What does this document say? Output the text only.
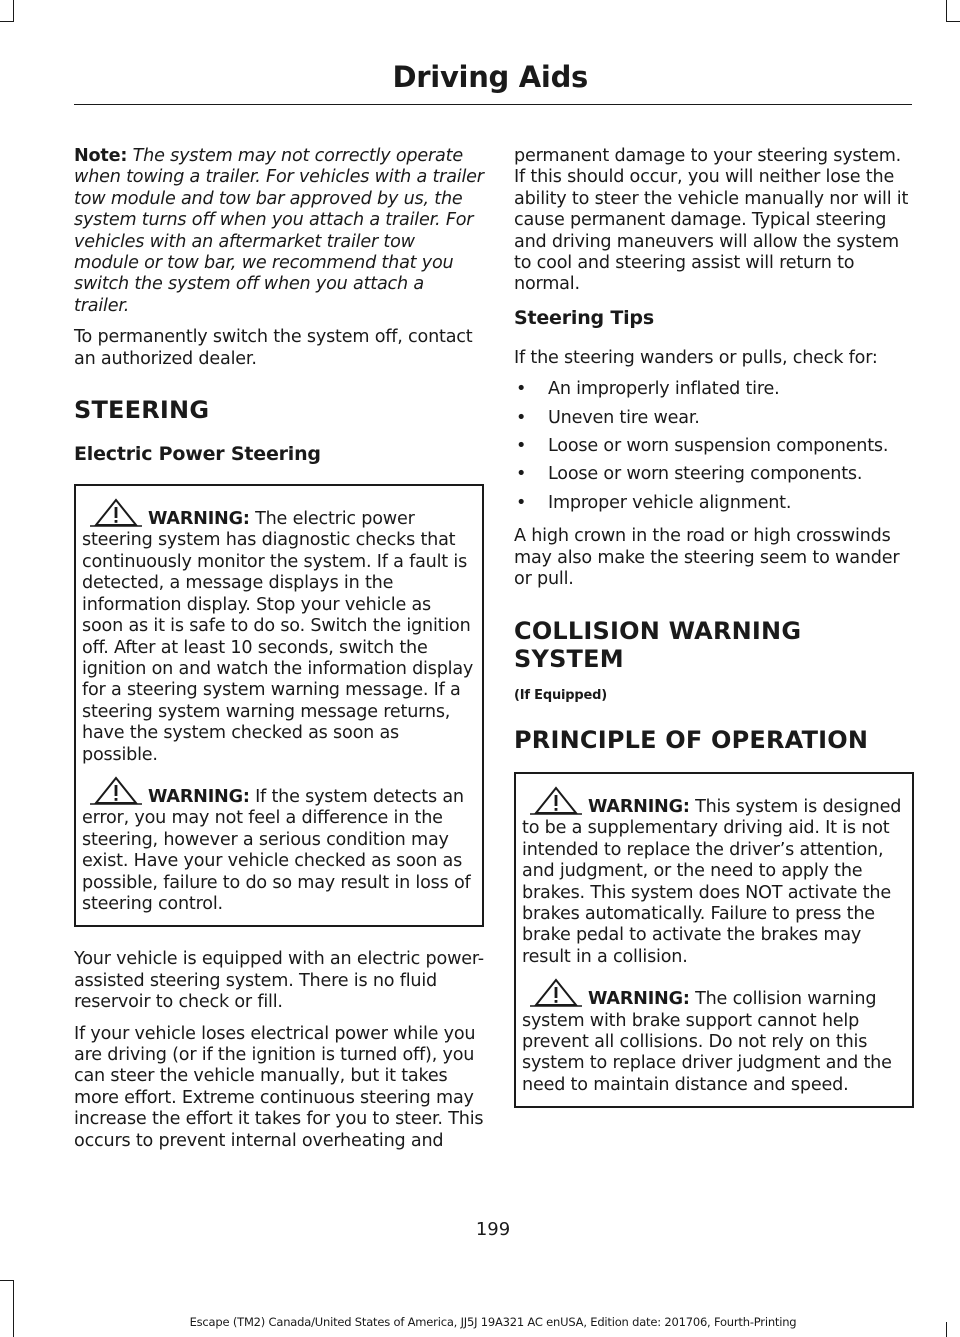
Driving Aids

Note: The system may not correctly operate when towing a trailer. For vehicles with a trailer tow module and tow bar approved by us, the system turns off when you attach a trailer. For vehicles with an aftermarket trailer tow module or tow bar, we recommend that you switch the system off when you attach a trailer.

To permanently switch the system off, contact an authorized dealer.

STEERING
Electric Power Steering

WARNING: The electric power steering system has diagnostic checks that continuously monitor the system. If a fault is detected, a message displays in the information display. Stop your vehicle as soon as it is safe to do so. Switch the ignition off. After at least 10 seconds, switch the ignition on and watch the information display for a steering system warning message. If a steering system warning message returns, have the system checked as soon as possible.

WARNING: If the system detects an error, you may not feel a difference in the steering, however a serious condition may exist. Have your vehicle checked as soon as possible, failure to do so may result in loss of steering control.

Your vehicle is equipped with an electric power-assisted steering system. There is no fluid reservoir to check or fill.

If your vehicle loses electrical power while you are driving (or if the ignition is turned off), you can steer the vehicle manually, but it takes more effort. Extreme continuous steering may increase the effort it takes for you to steer. This occurs to prevent internal overheating and

permanent damage to your steering system. If this should occur, you will neither lose the ability to steer the vehicle manually nor will it cause permanent damage. Typical steering and driving maneuvers will allow the system to cool and steering assist will return to normal.

Steering Tips

If the steering wanders or pulls, check for:

• An improperly inflated tire.
• Uneven tire wear.
• Loose or worn suspension components.
• Loose or worn steering components.
• Improper vehicle alignment.

A high crown in the road or high crosswinds may also make the steering seem to wander or pull.

COLLISION WARNING SYSTEM
(If Equipped)
PRINCIPLE OF OPERATION

WARNING: This system is designed to be a supplementary driving aid. It is not intended to replace the driver’s attention, and judgment, or the need to apply the brakes. This system does NOT activate the brakes automatically. Failure to press the brake pedal to activate the brakes may result in a collision.

WARNING: The collision warning system with brake support cannot help prevent all collisions. Do not rely on this system to replace driver judgment and the need to maintain distance and speed.

199
Escape (TM2) Canada/United States of America, JJ5J 19A321 AC enUSA, Edition date: 201706, Fourth-Printing
